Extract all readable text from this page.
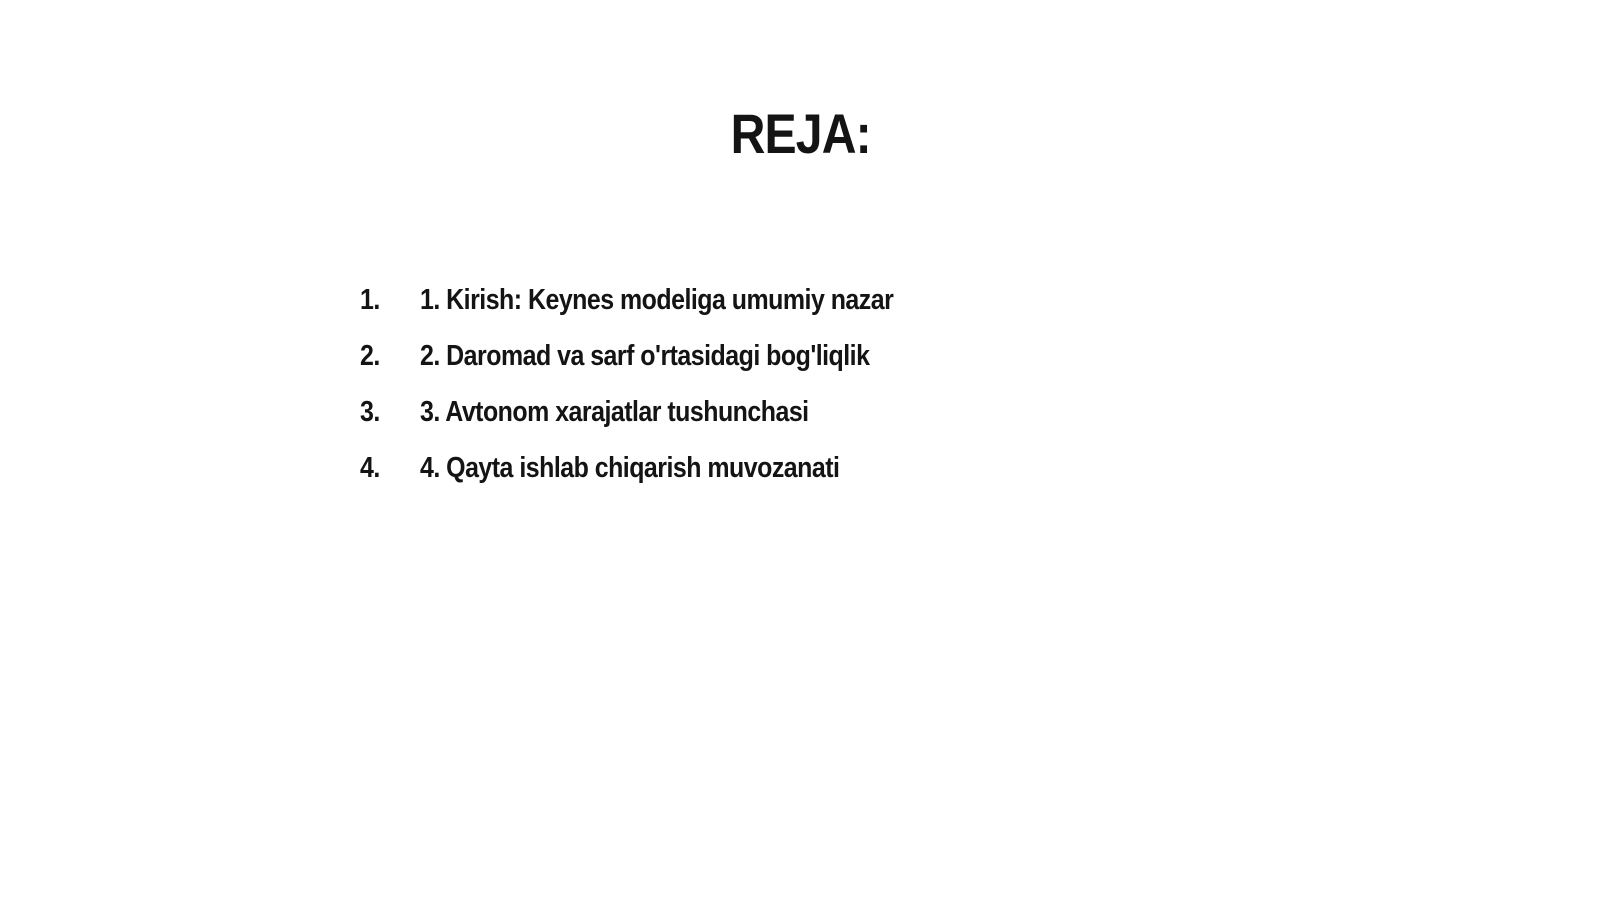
REJA:
1.	1. Kirish: Keynes modeliga umumiy nazar
2.	2. Daromad va sarf o'rtasidagi bog'liqlik
3.	3. Avtonom xarajatlar tushunchasi
4.	4. Qayta ishlab chiqarish muvozanati
